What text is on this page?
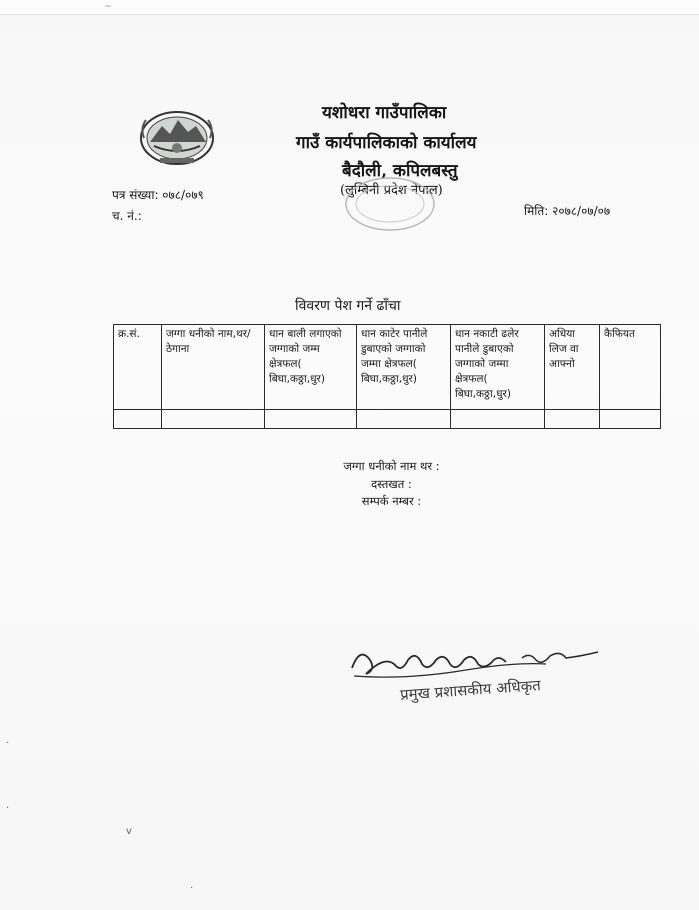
~
यशोधरा गाउँपालिका
गाउँ कार्यपालिकाको कार्यालय
बैदौली, कपिलबस्तु
(लुम्बिनी प्रदेश नेपाल)
पत्र संख्या: ०७८/०७९
च. नं.:	मिति: २०७८/०७/०७
विवरण पेश गर्ने ढाँचा
क्र.सं.	जग्गा धनीको नाम,थर/ठेगाना	धान बाली लगाएको जग्गाको जम्म क्षेत्रफल( बिघा,कठ्ठा,धुर)	धान काटेर पानीले डुबाएको जग्गाको जम्मा क्षेत्रफल( बिघा,कठ्ठा,धुर)	धान नकाटी ढलेर पानीले डुबाएको जग्गाको जम्मा क्षेत्रफल( बिघा,कठ्ठा,धुर)	अधिया लिज वा आफ्नो	कैफियत

जग्गा धनीको नाम थर :
दस्तखत :
सम्पर्क नम्बर :
प्रमुख प्रशासकीय अधिकृत
v
.
.
.
